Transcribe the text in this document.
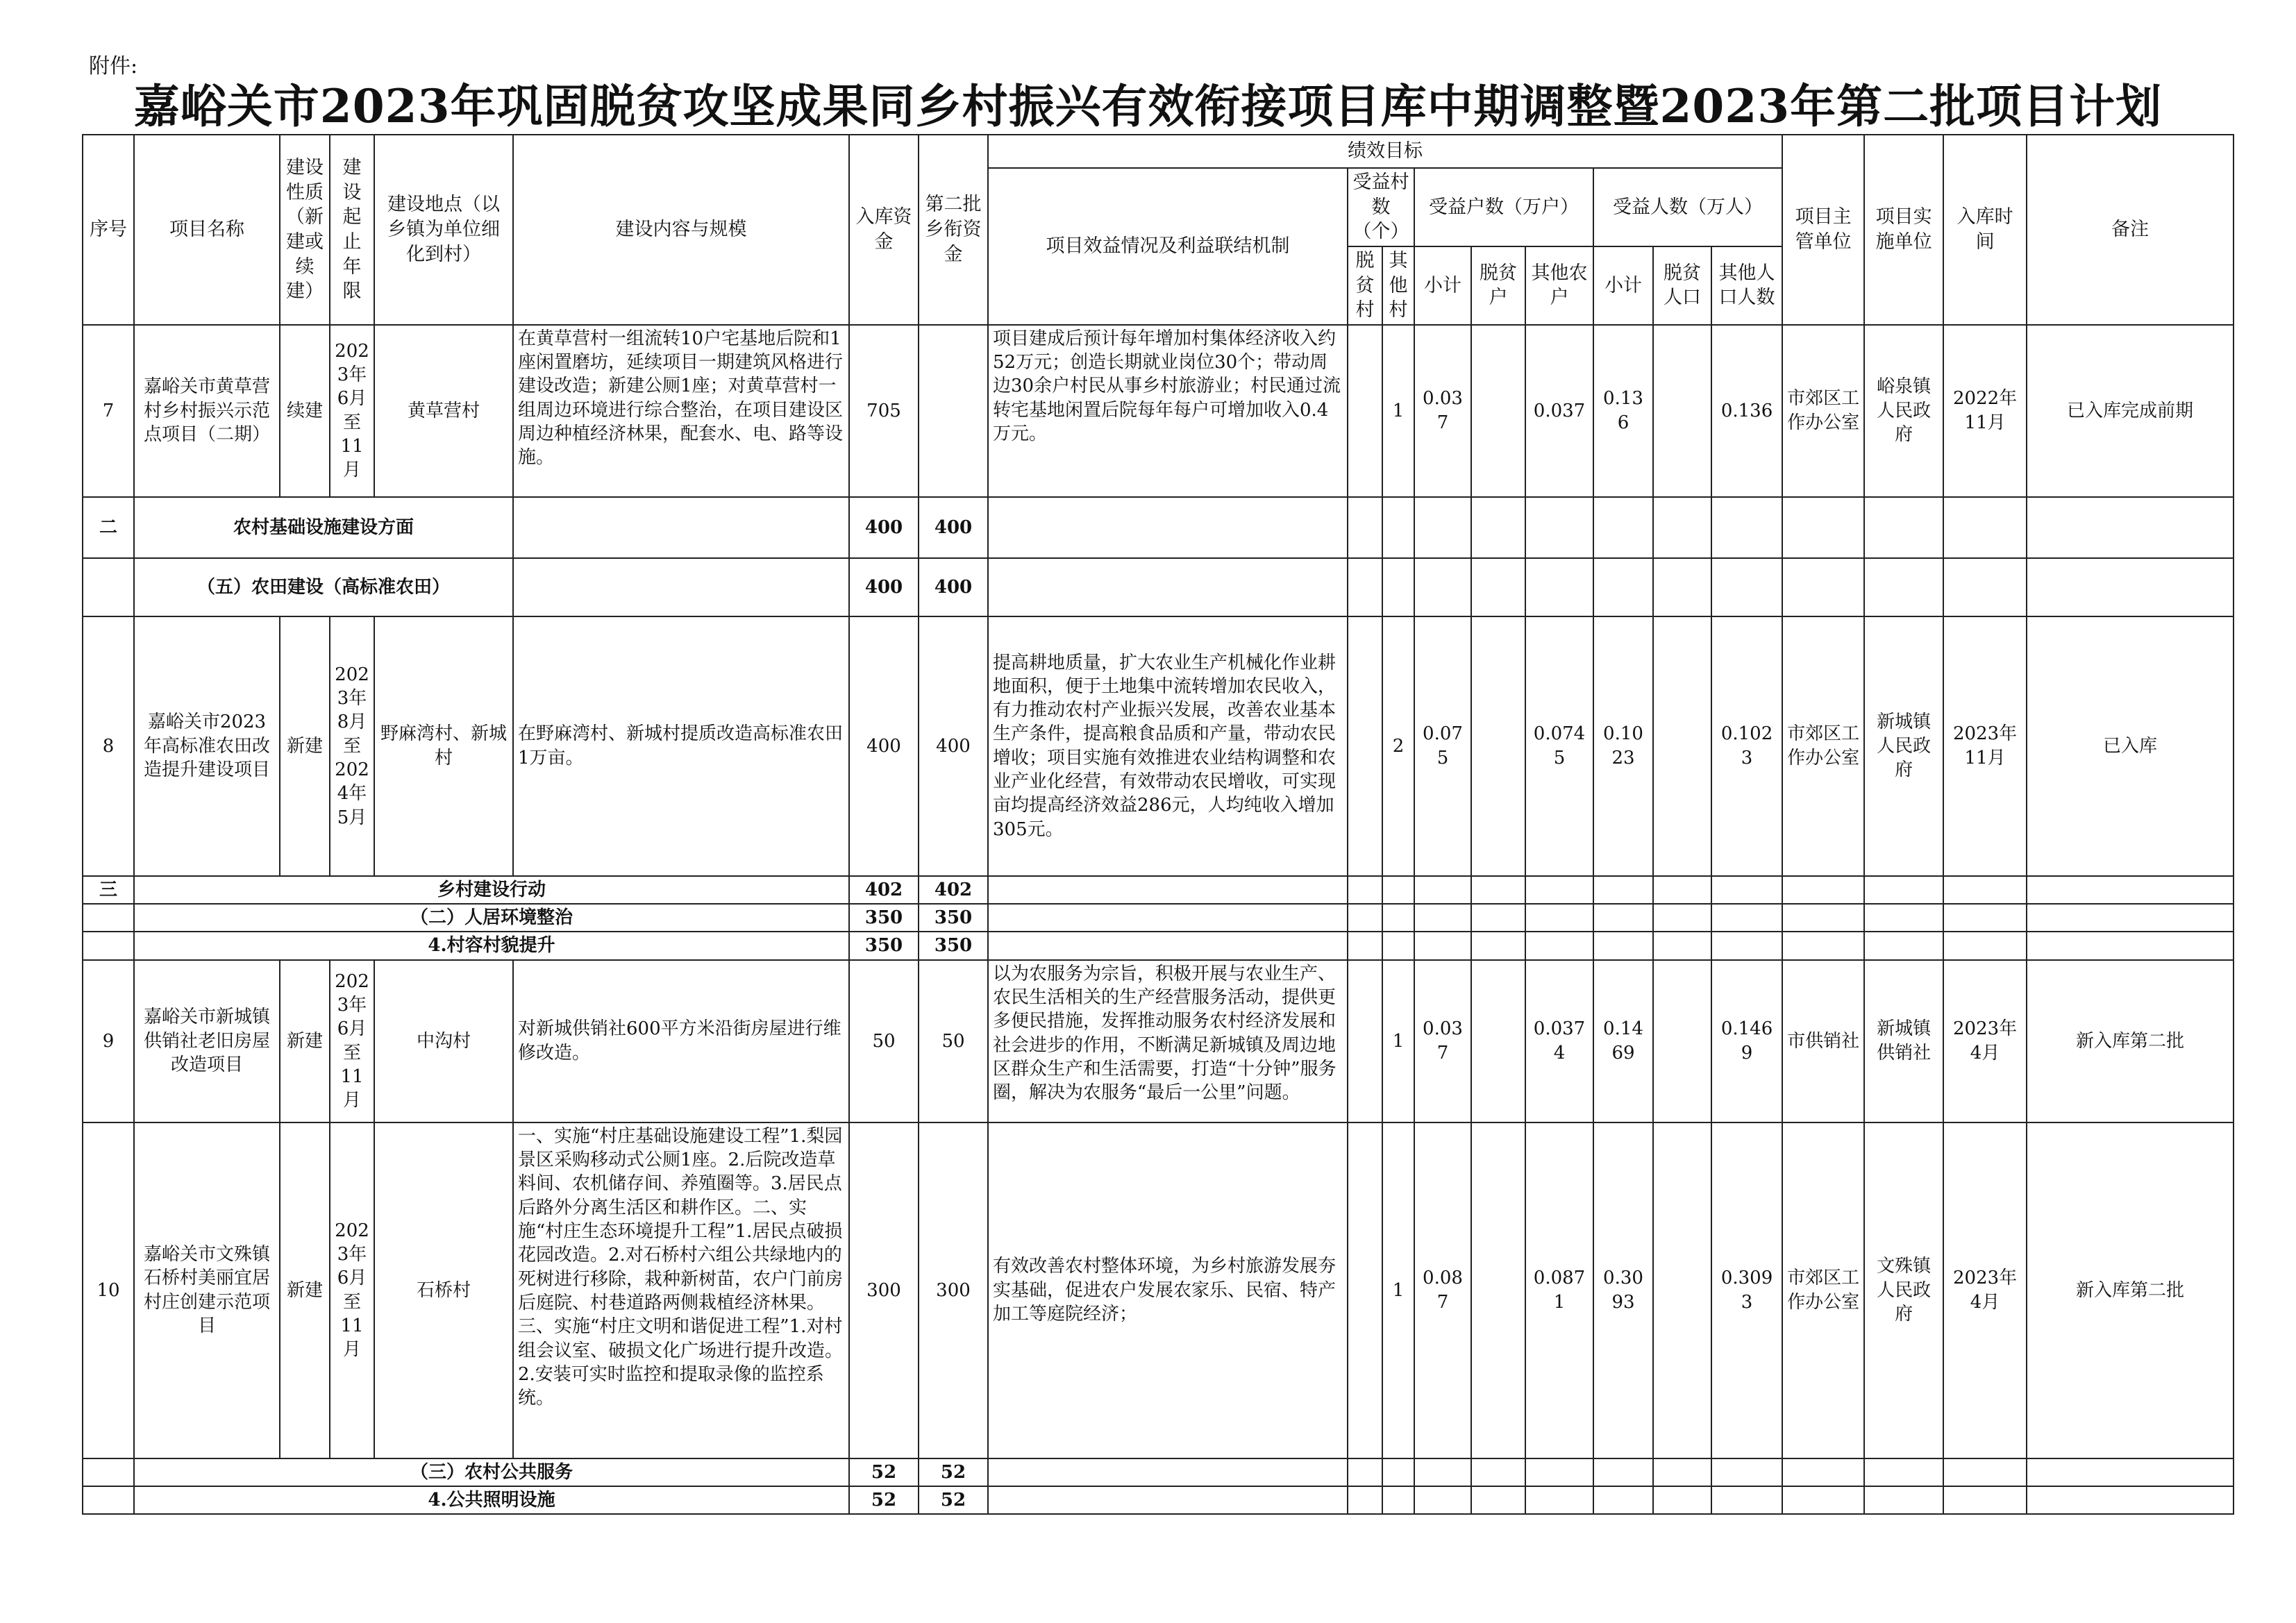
附件:
嘉峪关市2023年巩固脱贫攻坚成果同乡村振兴有效衔接项目库中期调整暨2023年第二批项目计划
序号	项目名称	建设性质（新建或续建）	建设起止年限	建设地点（以乡镇为单位细化到村）	建设内容与规模	入库资金	第二批乡衔资金	绩效目标									项目主管单位	项目实施单位	入库时间	备注
								项目效益情况及利益联结机制	受益村数（个）		受益户数（万户）			受益人数（万人）						
									脱贫村	其他村	小计	脱贫户	其他农户	小计	脱贫人口	其他人口人数				
7	嘉峪关市黄草营村乡村振兴示范点项目（二期）	续建	2023年6月至11月	黄草营村	在黄草营村一组流转10户宅基地后院和1座闲置磨坊，延续项目一期建筑风格进行建设改造；新建公厕1座；对黄草营村一组周边环境进行综合整治，在项目建设区周边种植经济林果，配套水、电、路等设施。	705		项目建成后预计每年增加村集体经济收入约52万元；创造长期就业岗位30个；带动周边30余户村民从事乡村旅游业；村民通过流转宅基地闲置后院每年每户可增加收入0.4万元。		1	0.037		0.037	0.136		0.136	市郊区工作办公室	峪泉镇人民政府	2022年11月	已入库完成前期
二	农村基础设施建设方面					400	400													
	（五）农田建设（高标准农田）					400	400													
8	嘉峪关市2023年高标准农田改造提升建设项目	新建	2023年8月至2024年5月	野麻湾村、新城村	在野麻湾村、新城村提质改造高标准农田1万亩。	400	400	提高耕地质量，扩大农业生产机械化作业耕地面积，便于土地集中流转增加农民收入，有力推动农村产业振兴发展，改善农业基本生产条件，提高粮食品质和产量，带动农民增收；项目实施有效推进农业结构调整和农业产业化经营，有效带动农民增收，可实现亩均提高经济效益286元，人均纯收入增加305元。		2	0.075		0.0745	0.1023		0.1023	市郊区工作办公室	新城镇人民政府	2023年11月	已入库
三	乡村建设行动					402	402													
	（二）人居环境整治					350	350													
	4.村容村貌提升					350	350													
9	嘉峪关市新城镇供销社老旧房屋改造项目	新建	2023年6月至11月	中沟村	对新城供销社600平方米沿街房屋进行维修改造。	50	50	以为农服务为宗旨，积极开展与农业生产、农民生活相关的生产经营服务活动，提供更多便民措施，发挥推动服务农村经济发展和社会进步的作用，不断满足新城镇及周边地区群众生产和生活需要，打造“十分钟”服务圈，解决为农服务“最后一公里”问题。		1	0.037		0.0374	0.1469		0.1469	市供销社	新城镇供销社	2023年4月	新入库第二批
10	嘉峪关市文殊镇石桥村美丽宜居村庄创建示范项目	新建	2023年6月至11月	石桥村	一、实施“村庄基础设施建设工程”1.梨园景区采购移动式公厕1座。2.后院改造草料间、农机储存间、养殖圈等。3.居民点后路外分离生活区和耕作区。二、实施“村庄生态环境提升工程”1.居民点破损花园改造。2.对石桥村六组公共绿地内的死树进行移除，栽种新树苗，农户门前房后庭院、村巷道路两侧栽植经济林果。三、实施“村庄文明和谐促进工程”1.对村组会议室、破损文化广场进行提升改造。2.安装可实时监控和提取录像的监控系统。	300	300	有效改善农村整体环境，为乡村旅游发展夯实基础，促进农户发展农家乐、民宿、特产加工等庭院经济；		1	0.087		0.0871	0.3093		0.3093	市郊区工作办公室	文殊镇人民政府	2023年4月	新入库第二批
	（三）农村公共服务					52	52													
	4.公共照明设施					52	52													
